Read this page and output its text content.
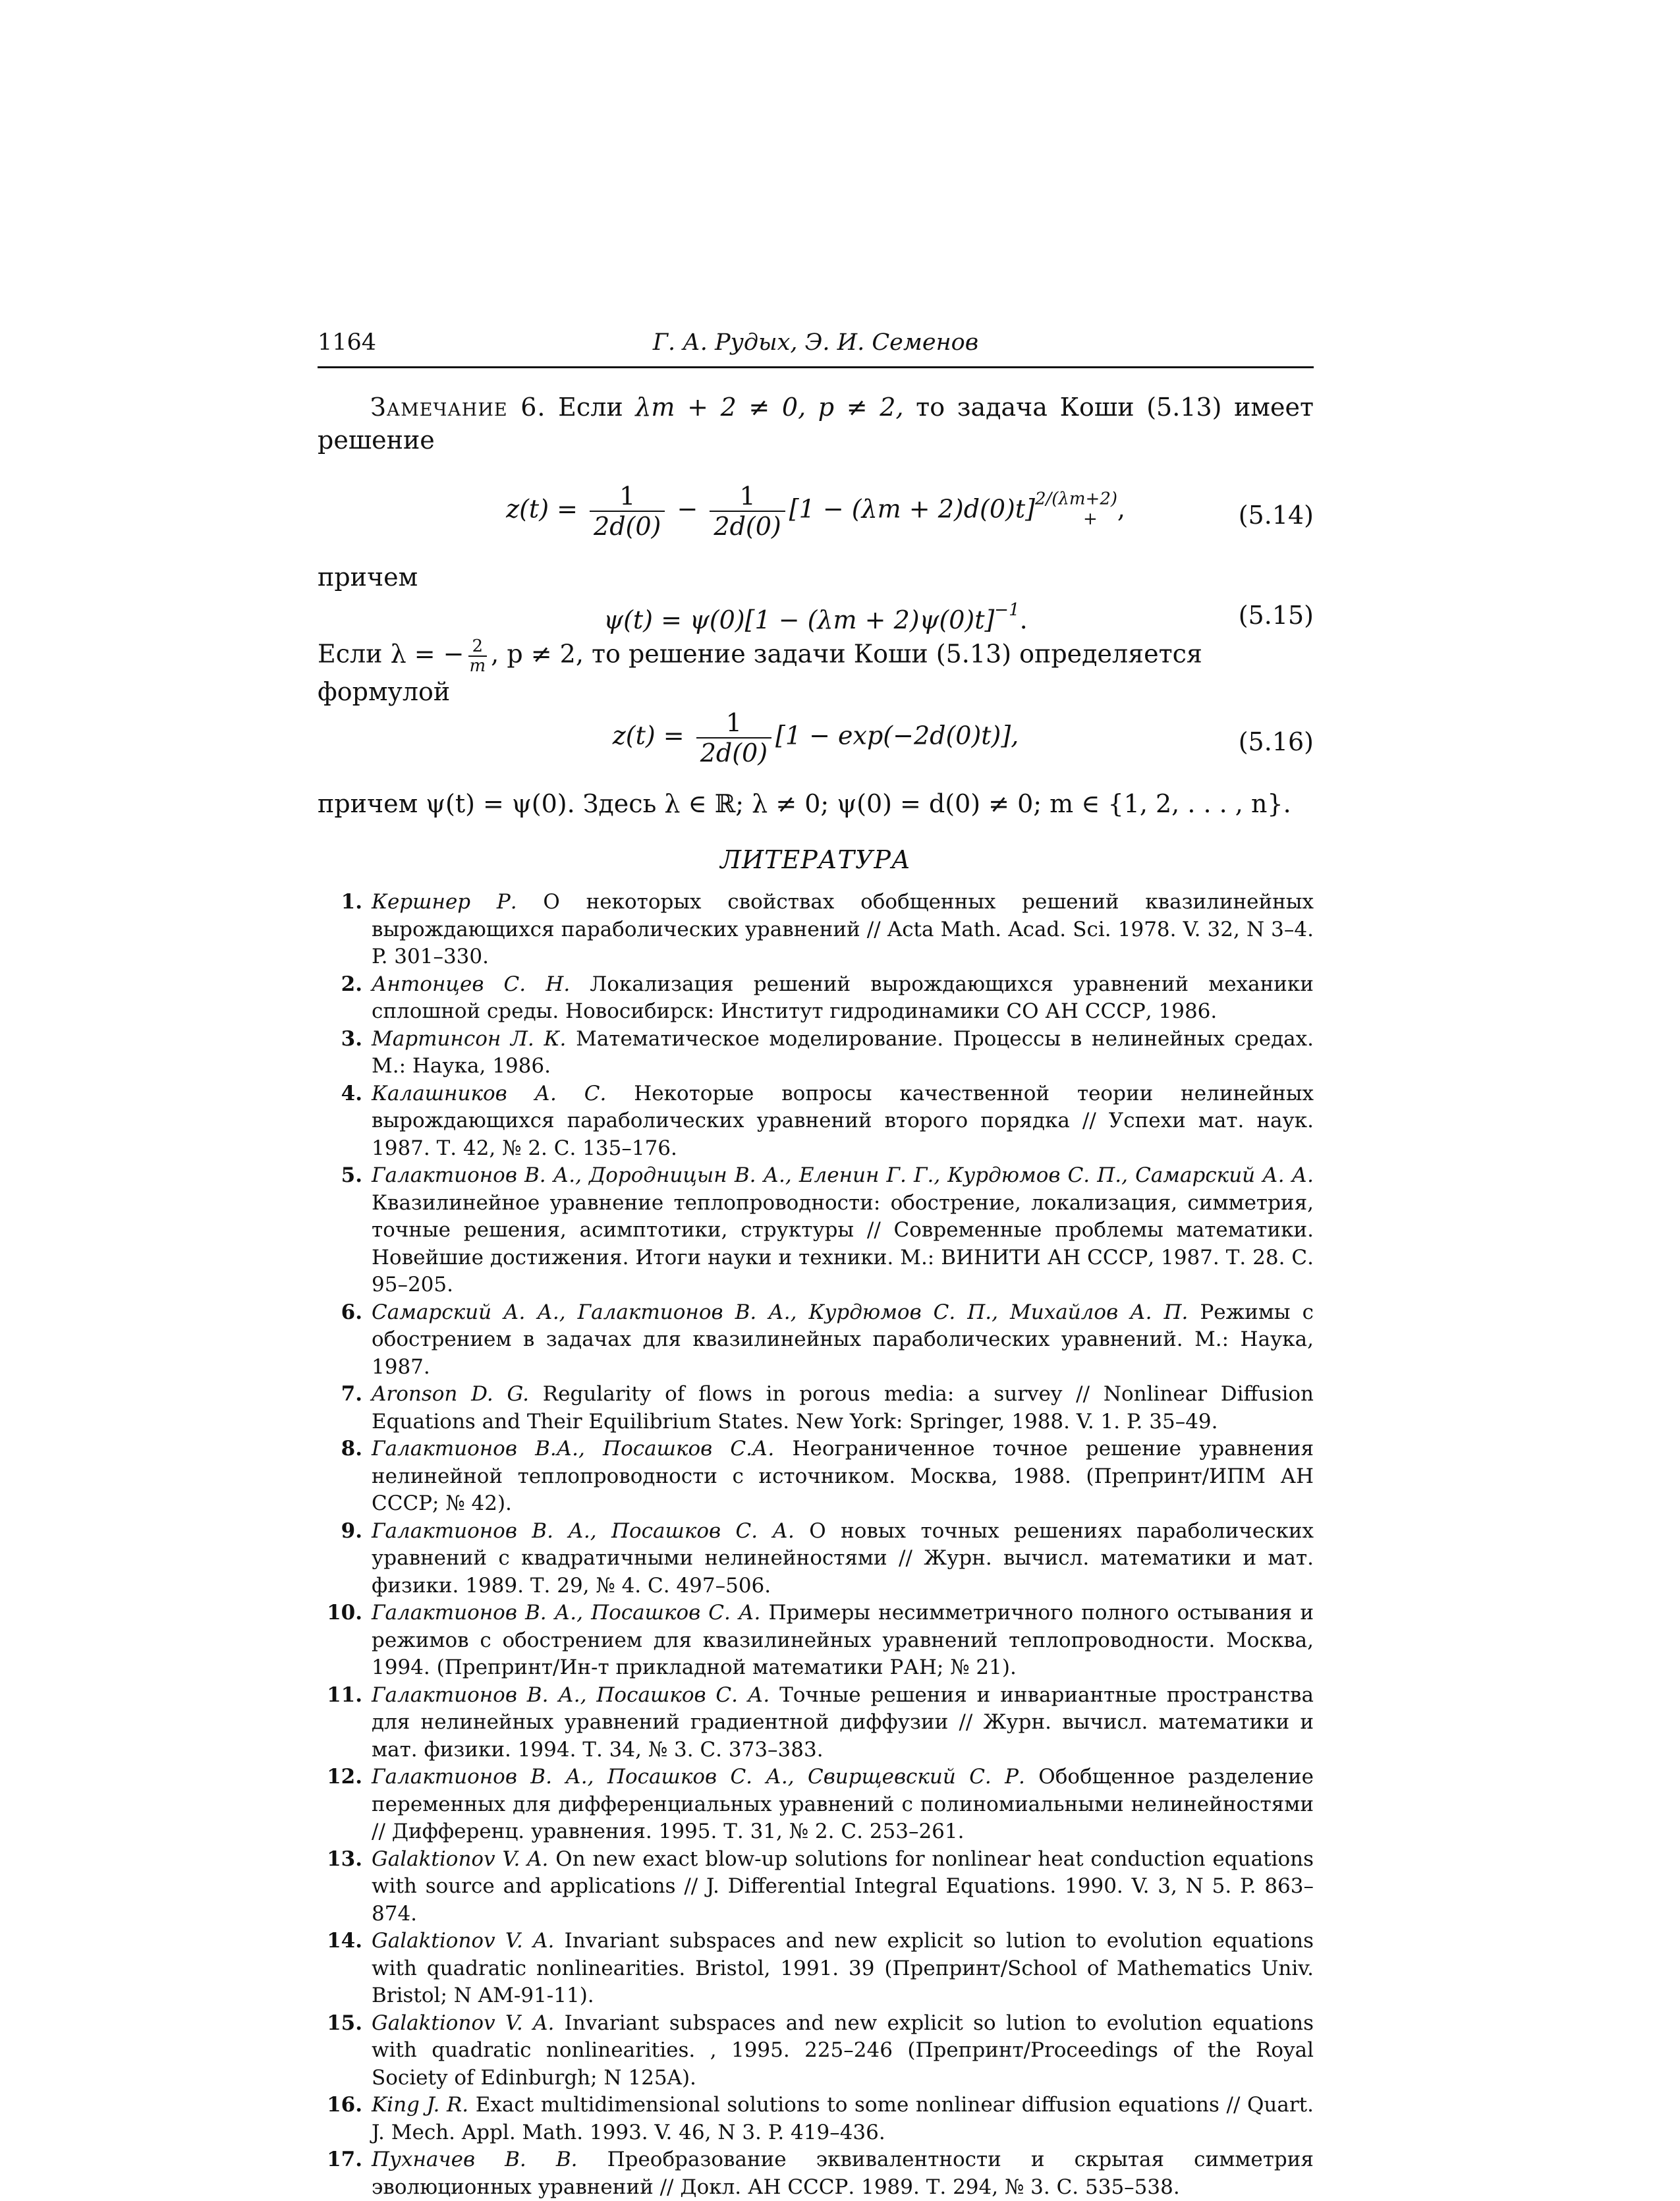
1164	Г. А. Рудых, Э. И. Семенов

Замечание 6. Если λm + 2 ≠ 0, p ≠ 2, то задача Коши (5.13) имеет решение

$z(t) = \frac{1}{2d(0)} - \frac{1}{2d(0)} [1 - (\lambda m + 2)d(0)t]^{2/(\lambda m+2)}_+$ ,	(5.14)

причем

$\psi(t) = \psi(0)[1 - (\lambda m + 2)\psi(0)t]^{-1}$.	(5.15)

Если λ = − $\frac{2}{m}$ , p ≠ 2, то решение задачи Коши (5.13) определяется формулой

$z(t) = \frac{1}{2d(0)} [1 - \exp(-2d(0)t)]$,	(5.16)

причем ψ(t) = ψ(0). Здесь λ ∈ ℝ; λ ≠ 0; ψ(0) = d(0) ≠ 0; m ∈ {1, 2, . . . , n}.

ЛИТЕРАТУРА
1. Кершнер Р. О некоторых свойствах обобщенных решений квазилинейных вырождающихся параболических уравнений // Acta Math. Acad. Sci. 1978. V. 32, N 3–4. P. 301–330.
2. Антонцев С. Н. Локализация решений вырождающихся уравнений механики сплошной среды. Новосибирск: Институт гидродинамики СО АН СССР, 1986.
3. Мартинсон Л. К. Математическое моделирование. Процессы в нелинейных средах. М.: Наука, 1986.
4. Калашников А. С. Некоторые вопросы качественной теории нелинейных вырождающихся параболических уравнений второго порядка // Успехи мат. наук. 1987. Т. 42, № 2. С. 135–176.
5. Галактионов В. А., Дородницын В. А., Еленин Г. Г., Курдюмов С. П., Самарский А. А. Квазилинейное уравнение теплопроводности: обострение, локализация, симметрия, точные решения, асимптотики, структуры // Современные проблемы математики. Новейшие достижения. Итоги науки и техники. М.: ВИНИТИ АН СССР, 1987. Т. 28. С. 95–205.
6. Самарский А. А., Галактионов В. А., Курдюмов С. П., Михайлов А. П. Режимы с обострением в задачах для квазилинейных параболических уравнений. М.: Наука, 1987.
7. Aronson D. G. Regularity of flows in porous media: a survey // Nonlinear Diffusion Equations and Their Equilibrium States. New York: Springer, 1988. V. 1. P. 35–49.
8. Галактионов В.А., Посашков С.А. Неограниченное точное решение уравнения нелинейной теплопроводности с источником. Москва, 1988. (Препринт/ИПМ АН СССР; № 42).
9. Галактионов В. А., Посашков С. А. О новых точных решениях параболических уравнений с квадратичными нелинейностями // Журн. вычисл. математики и мат. физики. 1989. Т. 29, № 4. С. 497–506.
10. Галактионов В. А., Посашков С. А. Примеры несимметричного полного остывания и режимов с обострением для квазилинейных уравнений теплопроводности. Москва, 1994. (Препринт/Ин-т прикладной математики РАН; № 21).
11. Галактионов В. А., Посашков С. А. Точные решения и инвариантные пространства для нелинейных уравнений градиентной диффузии // Журн. вычисл. математики и мат. физики. 1994. Т. 34, № 3. С. 373–383.
12. Галактионов В. А., Посашков С. А., Свирщевский С. Р. Обобщенное разделение переменных для дифференциальных уравнений с полиномиальными нелинейностями // Дифференц. уравнения. 1995. Т. 31, № 2. С. 253–261.
13. Galaktionov V. A. On new exact blow-up solutions for nonlinear heat conduction equations with source and applications // J. Differential Integral Equations. 1990. V. 3, N 5. P. 863–874.
14. Galaktionov V. A. Invariant subspaces and new explicit so lution to evolution equations with quadratic nonlinearities. Bristol, 1991. 39 (Препринт/School of Mathematics Univ. Bristol; N AM-91-11).
15. Galaktionov V. A. Invariant subspaces and new explicit so lution to evolution equations with quadratic nonlinearities. , 1995. 225–246 (Препринт/Proceedings of the Royal Society of Edinburgh; N 125A).
16. King J. R. Exact multidimensional solutions to some nonlinear diffusion equations // Quart. J. Mech. Appl. Math. 1993. V. 46, N 3. P. 419–436.
17. Пухначев В. В. Преобразование эквивалентности и скрытая симметрия эволюционных уравнений // Докл. АН СССР. 1989. Т. 294, № 3. С. 535–538.
